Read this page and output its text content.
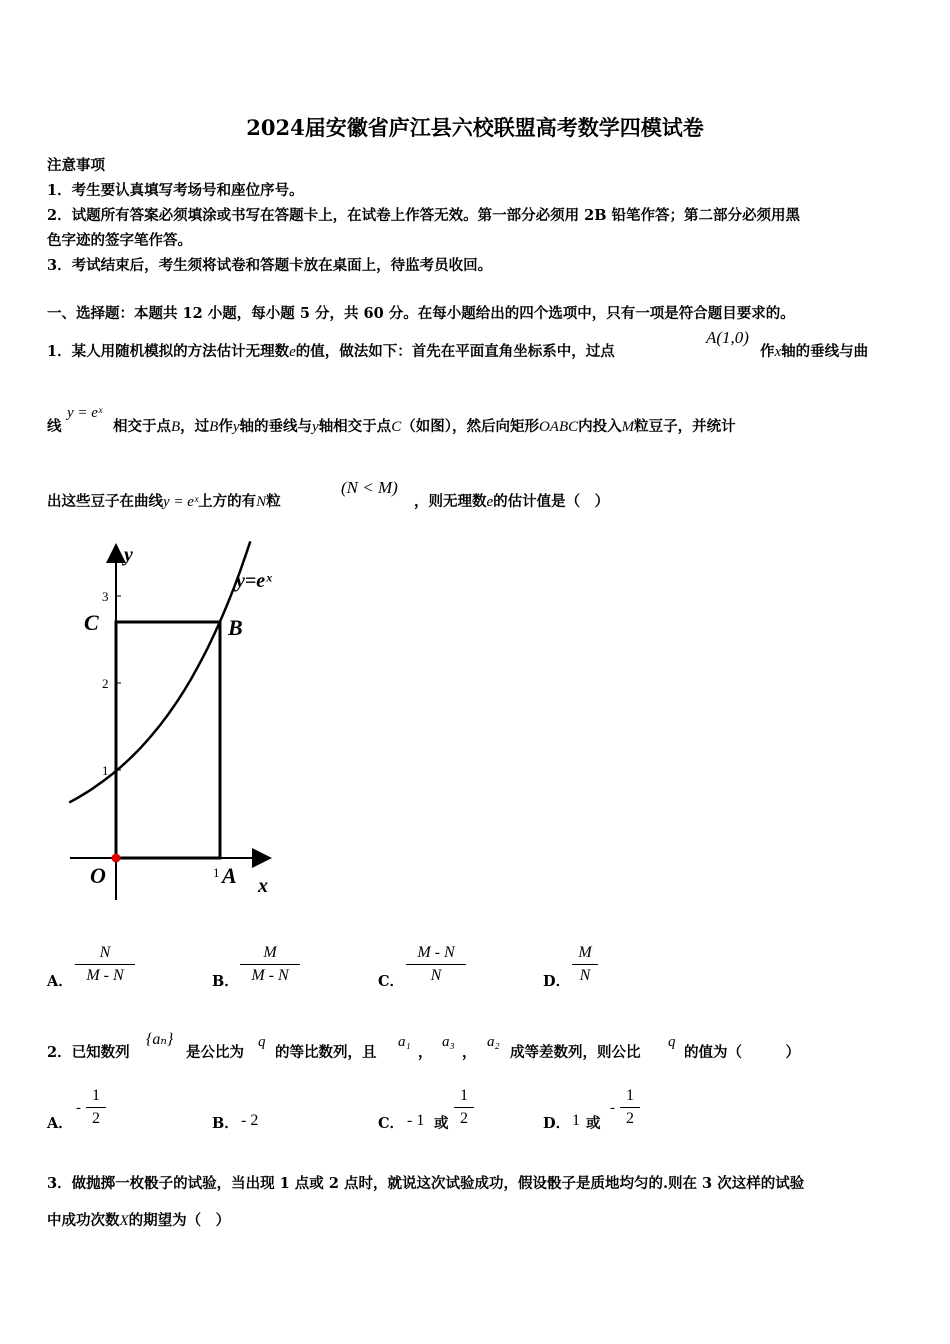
2024届安徽省庐江县六校联盟高考数学四模试卷
注意事项
1．考生要认真填写考场号和座位序号。
2．试题所有答案必须填涂或书写在答题卡上，在试卷上作答无效。第一部分必须用 2B 铅笔作答；第二部分必须用黑
色字迹的签字笔作答。
3．考试结束后，考生须将试卷和答题卡放在桌面上，待监考员收回。
一、选择题：本题共 12 小题，每小题 5 分，共 60 分。在每小题给出的四个选项中，只有一项是符合题目要求的。
1．某人用随机模拟的方法估计无理数e的值，做法如下：首先在平面直角坐标系中，过点
A(1,0)
作x轴的垂线与曲
线
y = eˣ
相交于点B，过B作y轴的垂线与y轴相交于点C（如图），然后向矩形OABC内投入M粒豆子，并统计
出这些豆子在曲线y = eˣ上方的有N粒
(N < M)
，则无理数e的估计值是（　）
y
x
y=eˣ
3
2
1
1
C	B
O	A
A．
N
M - N	B．
M
M - N	C．
M - N
N	D．
M
N
2．已知数列
{aₙ}
是公比为
q
的等比数列，且
a₁
，
a₃
，
a₂
成等差数列，则公比
q
的值为（　　　）
A．
-
1
2	B． - 2	C． - 1 或
1
2	D． 1 或
-
1
2
3．做抛掷一枚骰子的试验，当出现 1 点或 2 点时，就说这次试验成功，假设骰子是质地均匀的.则在 3 次这样的试验
中成功次数X的期望为（　）
